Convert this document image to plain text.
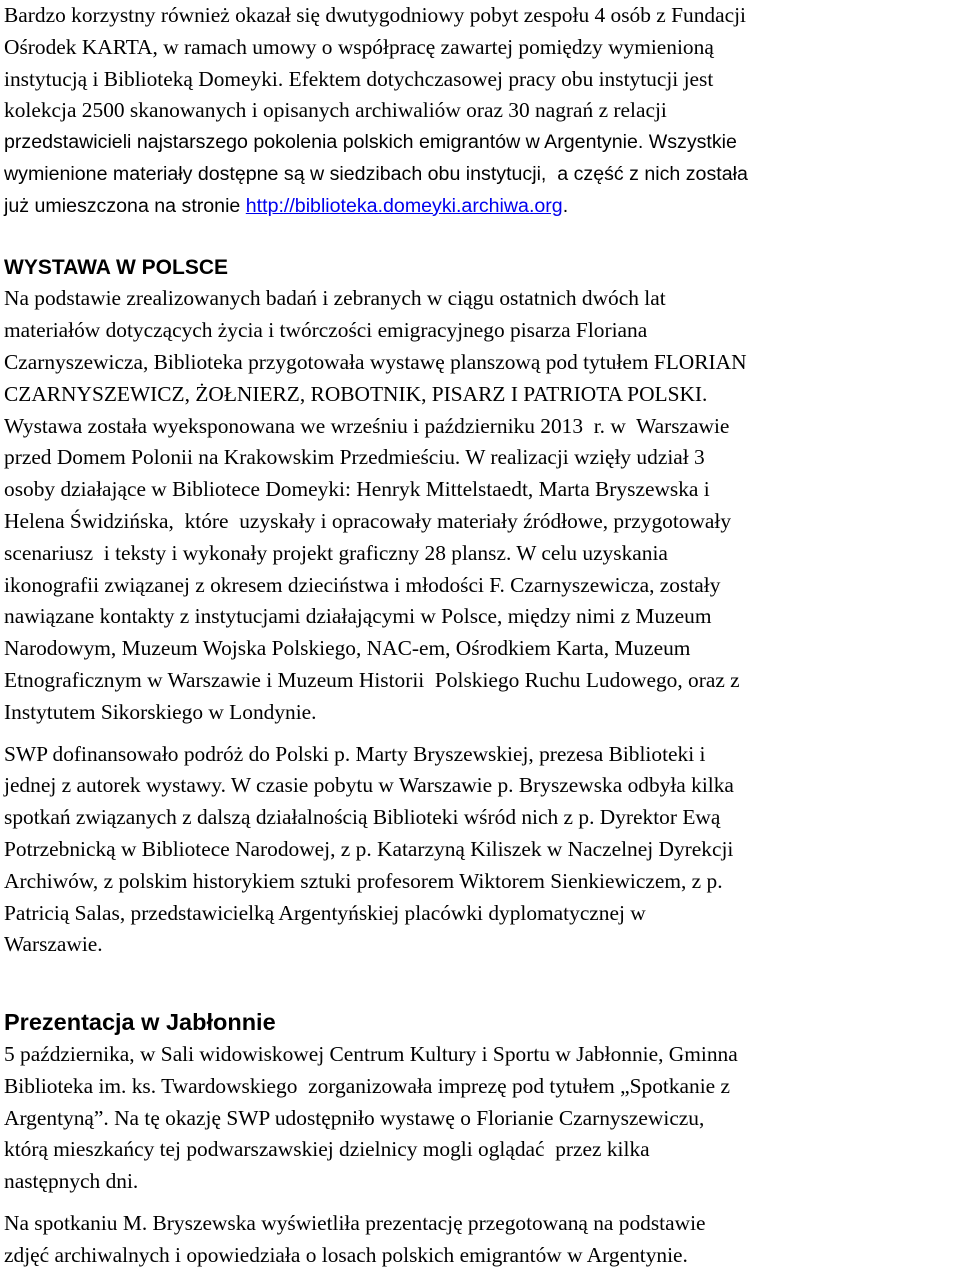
Bardzo korzystny również okazał się dwutygodniowy pobyt zespołu 4 osób z Fundacji
Ośrodek KARTA, w ramach umowy o współpracę zawartej pomiędzy wymienioną
instytucją i Biblioteką Domeyki. Efektem dotychczasowej pracy obu instytucji jest
kolekcja 2500 skanowanych i opisanych archiwaliów oraz 30 nagrań z relacji
przedstawicieli najstarszego pokolenia polskich emigrantów w Argentynie. Wszystkie
wymienione materiały dostępne są w siedzibach obu instytucji,  a część z nich została
już umieszczona na stronie http://biblioteka.domeyki.archiwa.org.
WYSTAWA W POLSCE
Na podstawie zrealizowanych badań i zebranych w ciągu ostatnich dwóch lat
materiałów dotyczących życia i twórczości emigracyjnego pisarza Floriana
Czarnyszewicza, Biblioteka przygotowała wystawę planszową pod tytułem FLORIAN
CZARNYSZEWICZ, ŻOŁNIERZ, ROBOTNIK, PISARZ I PATRIOTA POLSKI.
Wystawa została wyeksponowana we wrześniu i październiku 2013  r. w  Warszawie
przed Domem Polonii na Krakowskim Przedmieściu. W realizacji wzięły udział 3
osoby działające w Bibliotece Domeyki: Henryk Mittelstaedt, Marta Bryszewska i
Helena Świdzińska,  które  uzyskały i opracowały materiały źródłowe, przygotowały
scenariusz  i teksty i wykonały projekt graficzny 28 plansz. W celu uzyskania
ikonografii związanej z okresem dzieciństwa i młodości F. Czarnyszewicza, zostały
nawiązane kontakty z instytucjami działającymi w Polsce, między nimi z Muzeum
Narodowym, Muzeum Wojska Polskiego, NAC-em, Ośrodkiem Karta, Muzeum
Etnograficznym w Warszawie i Muzeum Historii  Polskiego Ruchu Ludowego, oraz z
Instytutem Sikorskiego w Londynie.
SWP dofinansowało podróż do Polski p. Marty Bryszewskiej, prezesa Biblioteki i
jednej z autorek wystawy. W czasie pobytu w Warszawie p. Bryszewska odbyła kilka
spotkań związanych z dalszą działalnością Biblioteki wśród nich z p. Dyrektor Ewą
Potrzebnicką w Bibliotece Narodowej, z p. Katarzyną Kiliszek w Naczelnej Dyrekcji
Archiwów, z polskim historykiem sztuki profesorem Wiktorem Sienkiewiczem, z p.
Patricią Salas, przedstawicielką Argentyńskiej placówki dyplomatycznej w
Warszawie.
Prezentacja w Jabłonnie
5 października, w Sali widowiskowej Centrum Kultury i Sportu w Jabłonnie, Gminna
Biblioteka im. ks. Twardowskiego  zorganizowała imprezę pod tytułem „Spotkanie z
Argentyną”. Na tę okazję SWP udostępniło wystawę o Florianie Czarnyszewiczu,
którą mieszkańcy tej podwarszawskiej dzielnicy mogli oglądać  przez kilka
następnych dni.
Na spotkaniu M. Bryszewska wyświetliła prezentację przegotowaną na podstawie
zdjęć archiwalnych i opowiedziała o losach polskich emigrantów w Argentynie.
